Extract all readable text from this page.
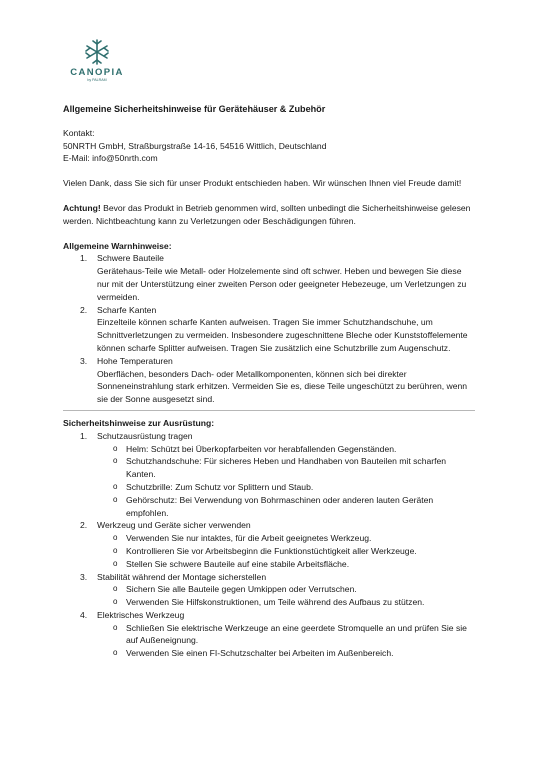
CANOPIA
by PALRAM
Allgemeine Sicherheitshinweise für Gerätehäuser & Zubehör
Kontakt:
50NRTH GmbH, Straßburgstraße 14-16, 54516 Wittlich, Deutschland
E-Mail: info@50nrth.com

Vielen Dank, dass Sie sich für unser Produkt entschieden haben. Wir wünschen Ihnen viel Freude damit!

Achtung! Bevor das Produkt in Betrieb genommen wird, sollten unbedingt die Sicherheitshinweise gelesen werden. Nichtbeachtung kann zu Verletzungen oder Beschädigungen führen.

Allgemeine Warnhinweise:
1. Schwere Bauteile
Gerätehaus-Teile wie Metall- oder Holzelemente sind oft schwer. Heben und bewegen Sie diese nur mit der Unterstützung einer zweiten Person oder geeigneter Hebezeuge, um Verletzungen zu vermeiden.
2. Scharfe Kanten
Einzelteile können scharfe Kanten aufweisen. Tragen Sie immer Schutzhandschuhe, um Schnittverletzungen zu vermeiden. Insbesondere zugeschnittene Bleche oder Kunststoffelemente können scharfe Splitter aufweisen. Tragen Sie zusätzlich eine Schutzbrille zum Augenschutz.
3. Hohe Temperaturen
Oberflächen, besonders Dach- oder Metallkomponenten, können sich bei direkter Sonneneinstrahlung stark erhitzen. Vermeiden Sie es, diese Teile ungeschützt zu berühren, wenn sie der Sonne ausgesetzt sind.
Sicherheitshinweise zur Ausrüstung:
1. Schutzausrüstung tragen
o Helm: Schützt bei Überkopfarbeiten vor herabfallenden Gegenständen.
o Schutzhandschuhe: Für sicheres Heben und Handhaben von Bauteilen mit scharfen Kanten.
o Schutzbrille: Zum Schutz vor Splittern und Staub.
o Gehörschutz: Bei Verwendung von Bohrmaschinen oder anderen lauten Geräten empfohlen.
2. Werkzeug und Geräte sicher verwenden
o Verwenden Sie nur intaktes, für die Arbeit geeignetes Werkzeug.
o Kontrollieren Sie vor Arbeitsbeginn die Funktionstüchtigkeit aller Werkzeuge.
o Stellen Sie schwere Bauteile auf eine stabile Arbeitsfläche.
3. Stabilität während der Montage sicherstellen
o Sichern Sie alle Bauteile gegen Umkippen oder Verrutschen.
o Verwenden Sie Hilfskonstruktionen, um Teile während des Aufbaus zu stützen.
4. Elektrisches Werkzeug
o Schließen Sie elektrische Werkzeuge an eine geerdete Stromquelle an und prüfen Sie sie auf Außeneignung.
o Verwenden Sie einen FI-Schutzschalter bei Arbeiten im Außenbereich.
